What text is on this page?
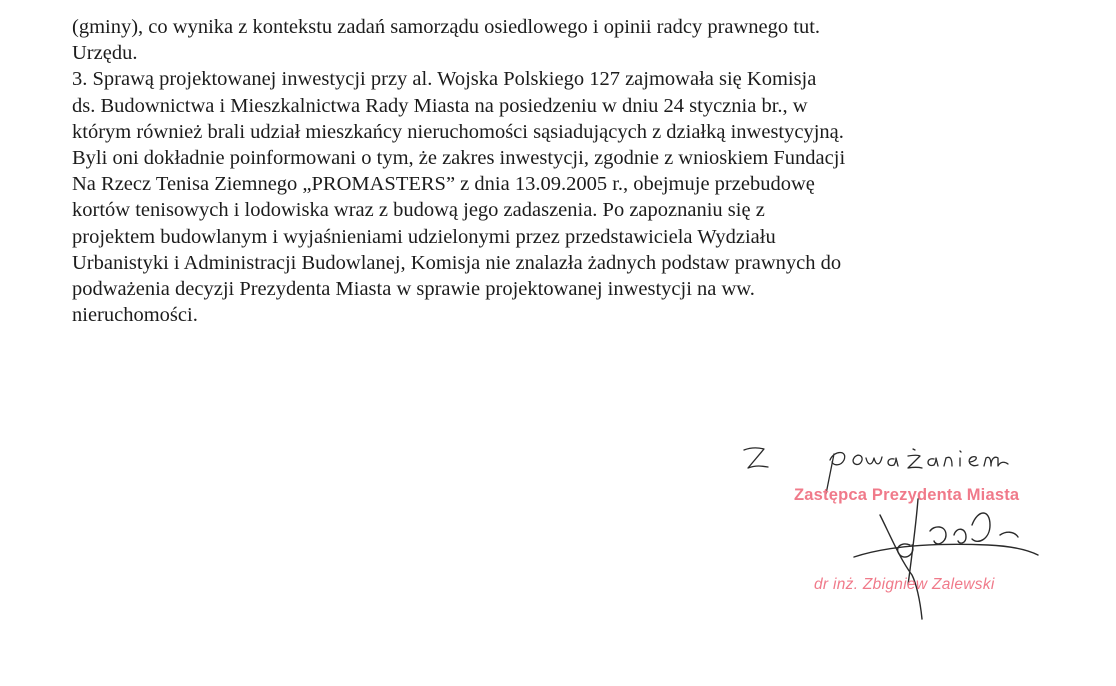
(gminy), co wynika z kontekstu zadań samorządu osiedlowego i opinii radcy prawnego tut.
Urzędu.
3. Sprawą projektowanej inwestycji przy al. Wojska Polskiego 127 zajmowała się Komisja
ds. Budownictwa i Mieszkalnictwa Rady Miasta na posiedzeniu w dniu 24 stycznia br., w
którym również brali udział mieszkańcy nieruchomości sąsiadujących z działką inwestycyjną.
Byli oni dokładnie poinformowani o tym, że zakres inwestycji, zgodnie z wnioskiem Fundacji
Na Rzecz Tenisa Ziemnego „PROMASTERS” z dnia 13.09.2005 r., obejmuje przebudowę
kortów tenisowych i lodowiska wraz z budową jego zadaszenia. Po zapoznaniu się z
projektem budowlanym i wyjaśnieniami udzielonymi przez przedstawiciela Wydziału
Urbanistyki i Administracji Budowlanej, Komisja nie znalazła żadnych podstaw prawnych do
podważenia decyzji Prezydenta Miasta w sprawie projektowanej inwestycji na ww.
nieruchomości.
Zastępca Prezydenta Miasta
dr inż. Zbigniew Zalewski
